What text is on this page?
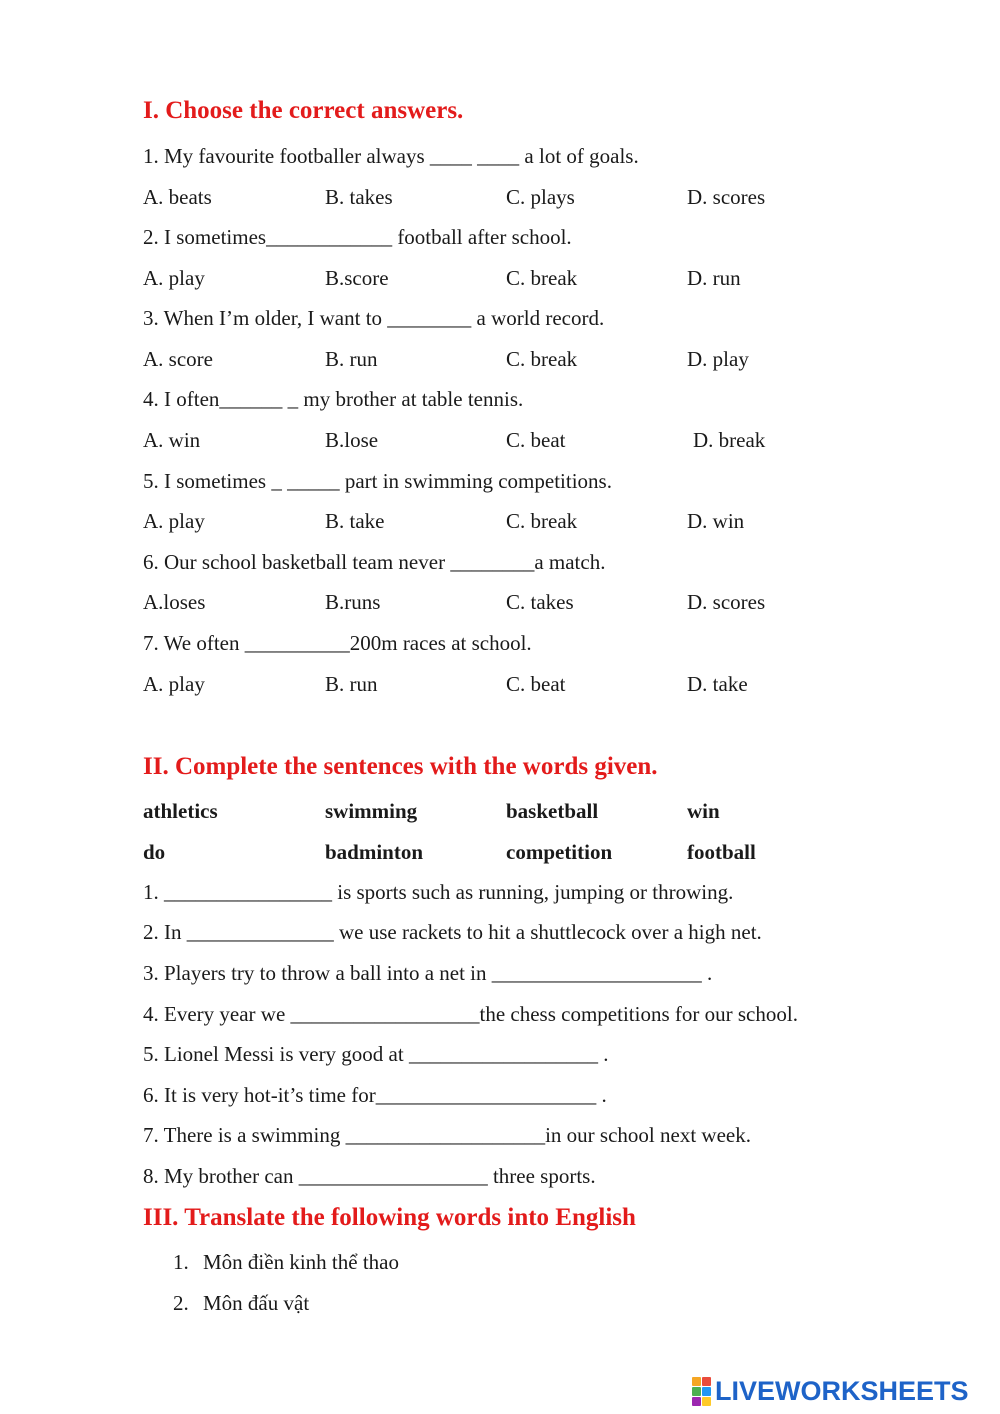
I. Choose the correct answers.
1. My favourite footballer always ____ ____ a lot of goals.
A. beats	B. takes	C. plays	D. scores
2. I sometimes____________ football after school.
A. play	B.score	C. break	D. run
3. When I’m older, I want to ________ a world record.
A. score	B. run	C. break	D. play
4. I often______ _ my brother at table tennis.
A. win	B.lose	C. beat	D. break
5. I sometimes _ _____ part in swimming competitions.
A. play	B. take	C. break	D. win
6. Our school basketball team never ________a match.
A.loses	B.runs	C. takes	D. scores
7. We often __________200m races at school.
A. play	B. run	C. beat	D. take
II. Complete the sentences with the words given.
athletics	swimming	basketball	win
do	badminton	competition	football
1. ________________ is sports such as running, jumping or throwing.
2. In ______________ we use rackets to hit a shuttlecock over a high net.
3. Players try to throw a ball into a net in ____________________ .
4. Every year we __________________the chess competitions for our school.
5. Lionel Messi is very good at __________________ .
6. It is very hot-it’s time for_____________________ .
7. There is a swimming ___________________in our school next week.
8. My brother can __________________ three sports.
III. Translate the following words into English
1. Môn điền kinh thể thao
2. Môn đấu vật
LIVEWORKSHEETS
